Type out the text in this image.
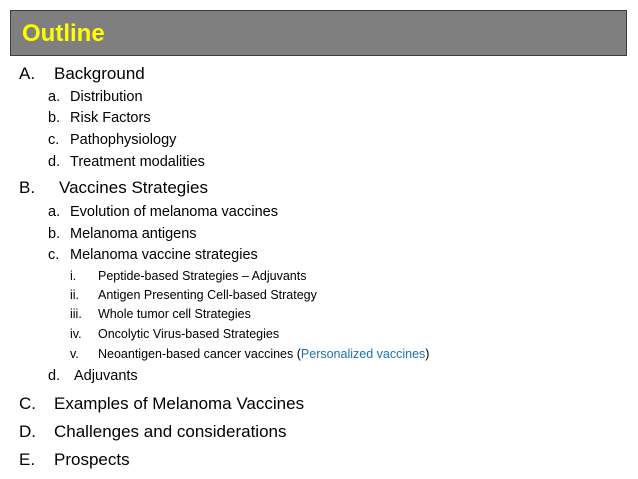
Outline
A. Background
a. Distribution
b. Risk Factors
c. Pathophysiology
d. Treatment modalities
B. Vaccines Strategies
a. Evolution of melanoma vaccines
b. Melanoma antigens
c. Melanoma vaccine strategies
i. Peptide-based Strategies – Adjuvants
ii. Antigen Presenting Cell-based Strategy
iii. Whole tumor cell Strategies
iv. Oncolytic Virus-based Strategies
v. Neoantigen-based cancer vaccines (Personalized vaccines)
d. Adjuvants
C. Examples of Melanoma Vaccines
D. Challenges and considerations
E. Prospects
